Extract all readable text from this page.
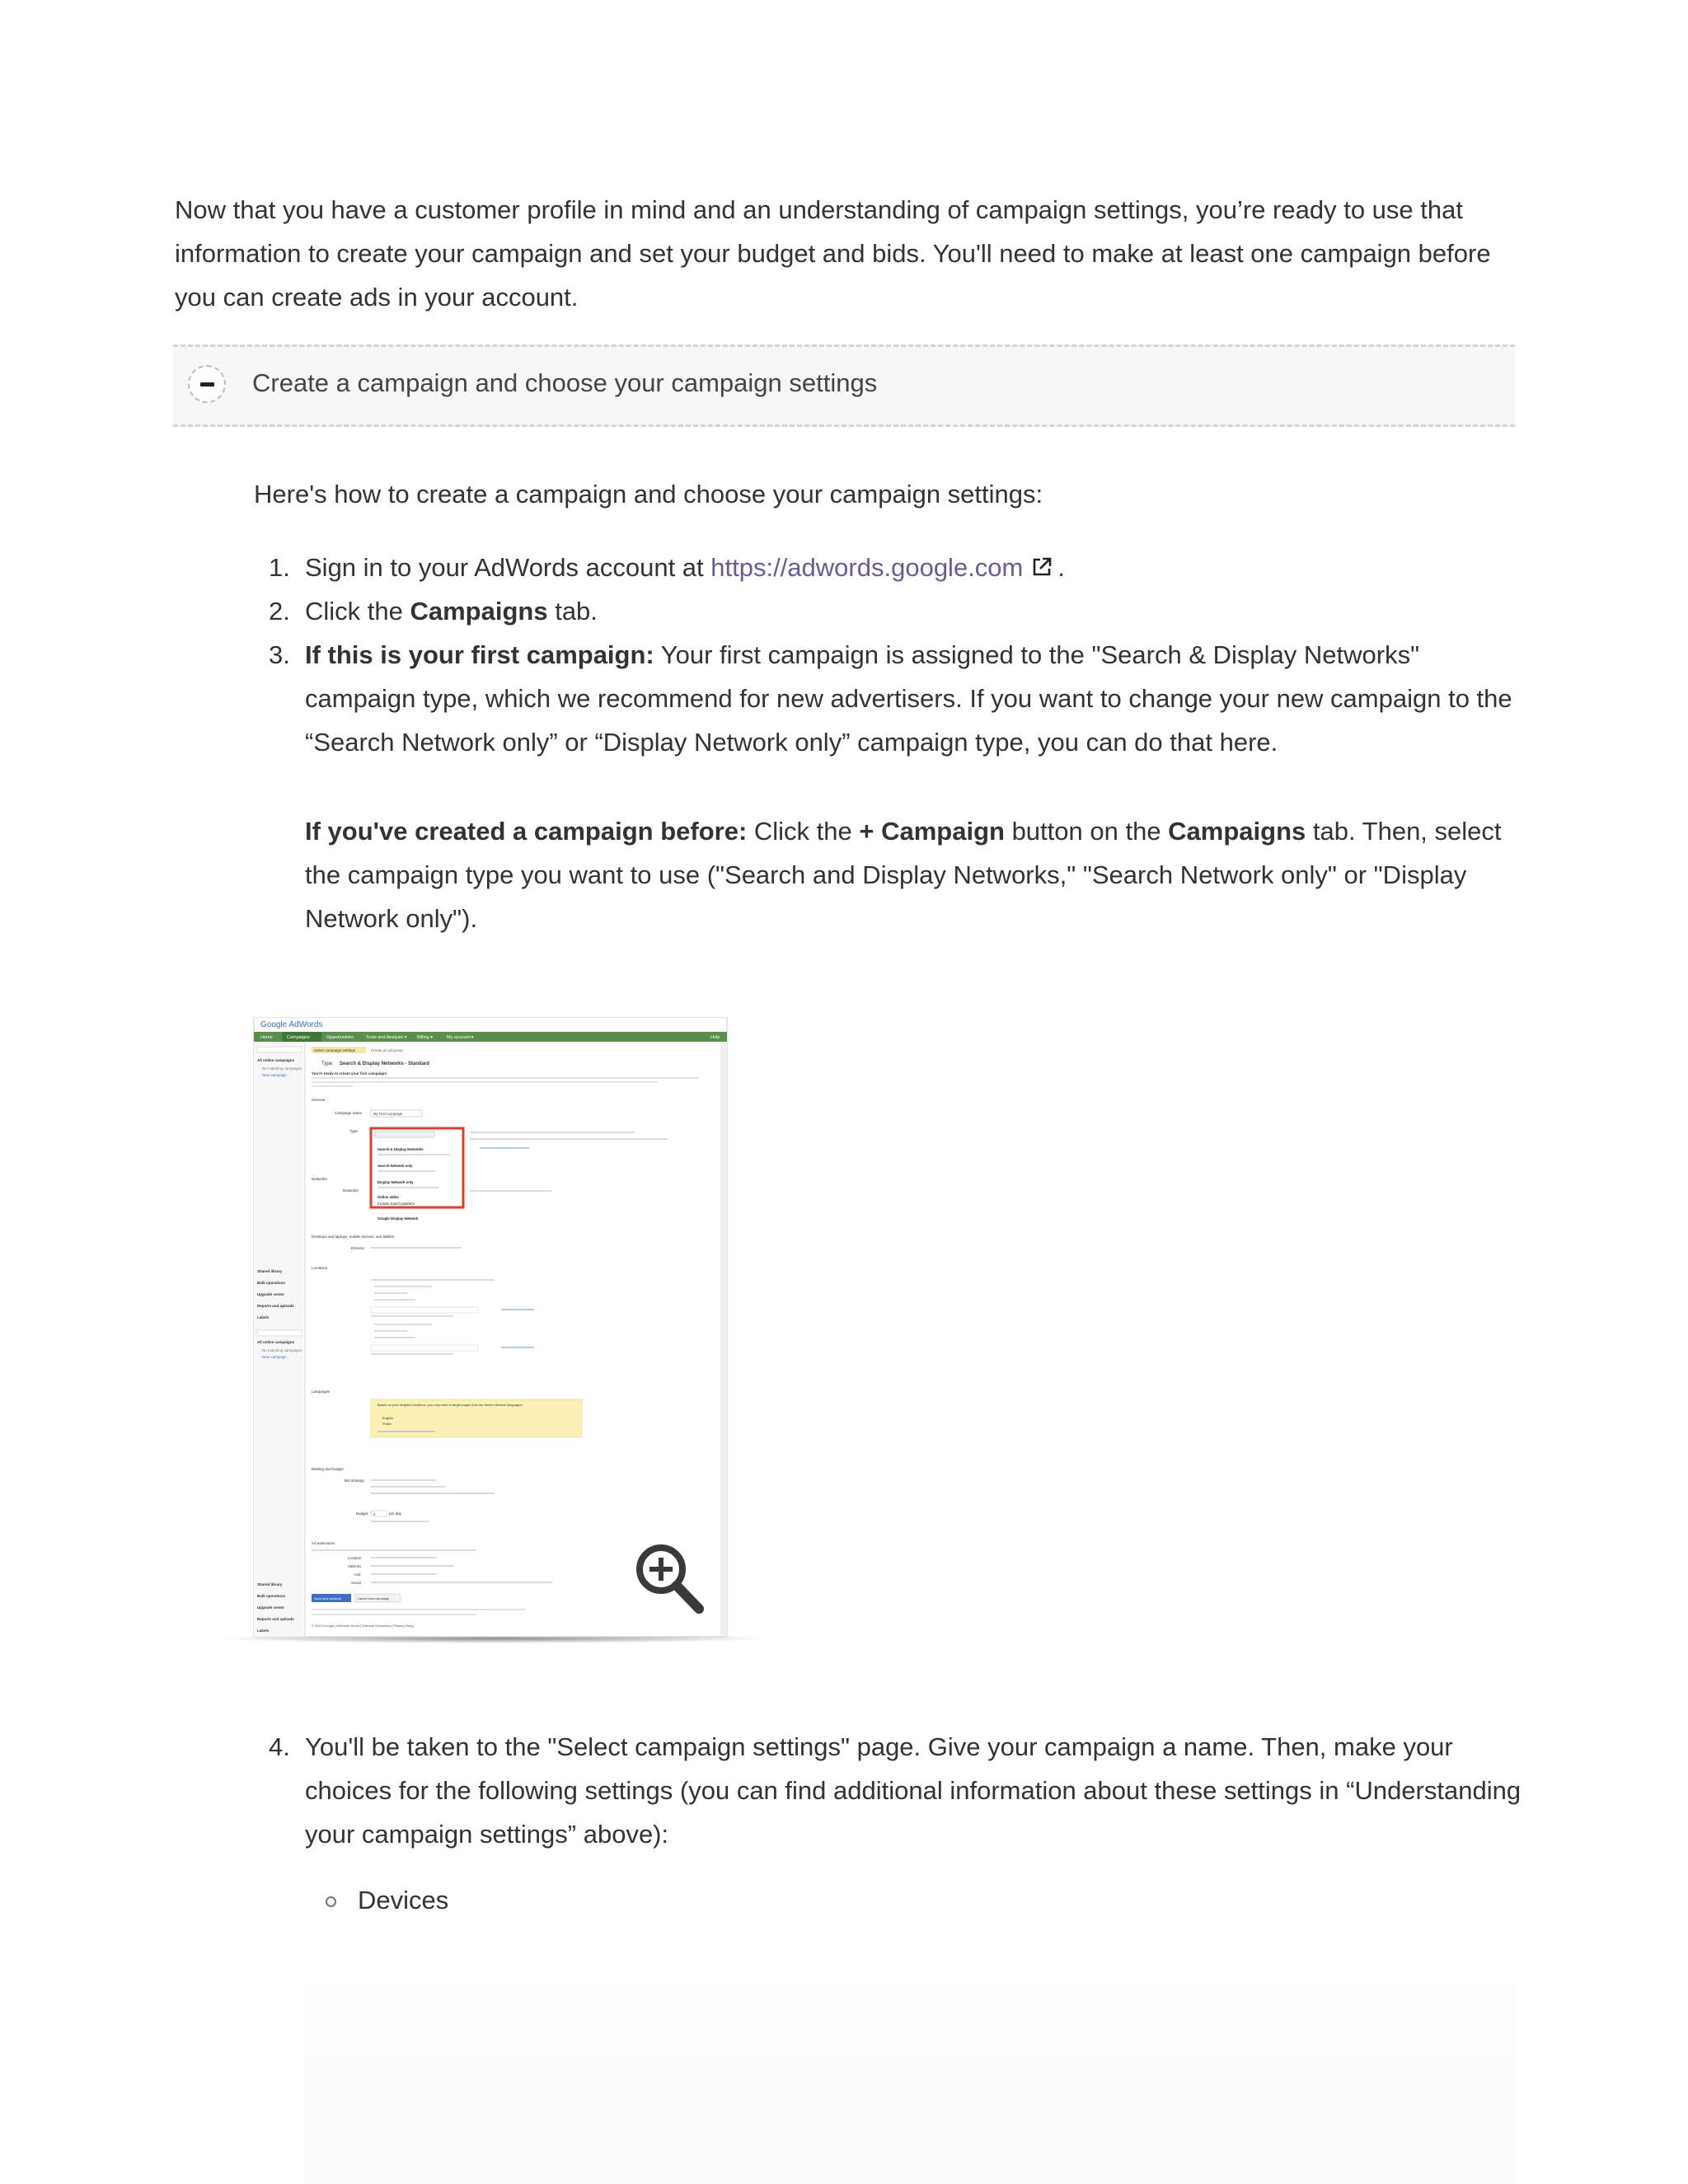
Now that you have a customer profile in mind and an understanding of campaign settings, you’re ready to use that information to create your campaign and set your budget and bids. You'll need to make at least one campaign before you can create ads in your account.

Create a campaign and choose your campaign settings

Here's how to create a campaign and choose your campaign settings:

1. Sign in to your AdWords account at https://adwords.google.com .
2. Click the Campaigns tab.
3. If this is your first campaign: Your first campaign is assigned to the "Search & Display Networks" campaign type, which we recommend for new advertisers. If you want to change your new campaign to the “Search Network only” or “Display Network only” campaign type, you can do that here.

If you've created a campaign before: Click the + Campaign button on the Campaigns tab. Then, select the campaign type you want to use ("Search and Display Networks," "Search Network only" or "Display Network only").

Google AdWords
Home	Campaigns	Opportunities	Tools and Analysis ▾ Billing ▾	My account ▾	Help
All online campaigns
No matching campaigns
New campaign
Shared library
Bulk operations
Upgrade center
Reports and uploads
Labels
All online campaigns
No matching campaigns
New campaign
Shared library
Bulk operations
Upgrade center
Reports and uploads
Labels
Select campaign settings	Create an ad group
Type: Search & Display Networks - Standard
You're ready to create your first campaign!
General
Campaign name
Type
Networks
Networks
My First Campaign
Search & Display Networks
Search Network only
Display Network only
Online video
Include search partners
Google Display Network
Desktops and laptops, mobile devices, and tablets
Devices
Locations
Languages
Based on your targeted locations, you may want to target pages that use these interface languages:
English
Polish
Bidding and budget
Bid strategy
Budget	per day
Ad extensions
4
Location
Sitelinks
Call
Social
Save and continue	Cancel new campaign
© 2013 Google | AdWords Home | Editorial Guidelines | Privacy Policy
4. You'll be taken to the "Select campaign settings" page. Give your campaign a name. Then, make your choices for the following settings (you can find additional information about these settings in “Understanding your campaign settings” above):
Devices
